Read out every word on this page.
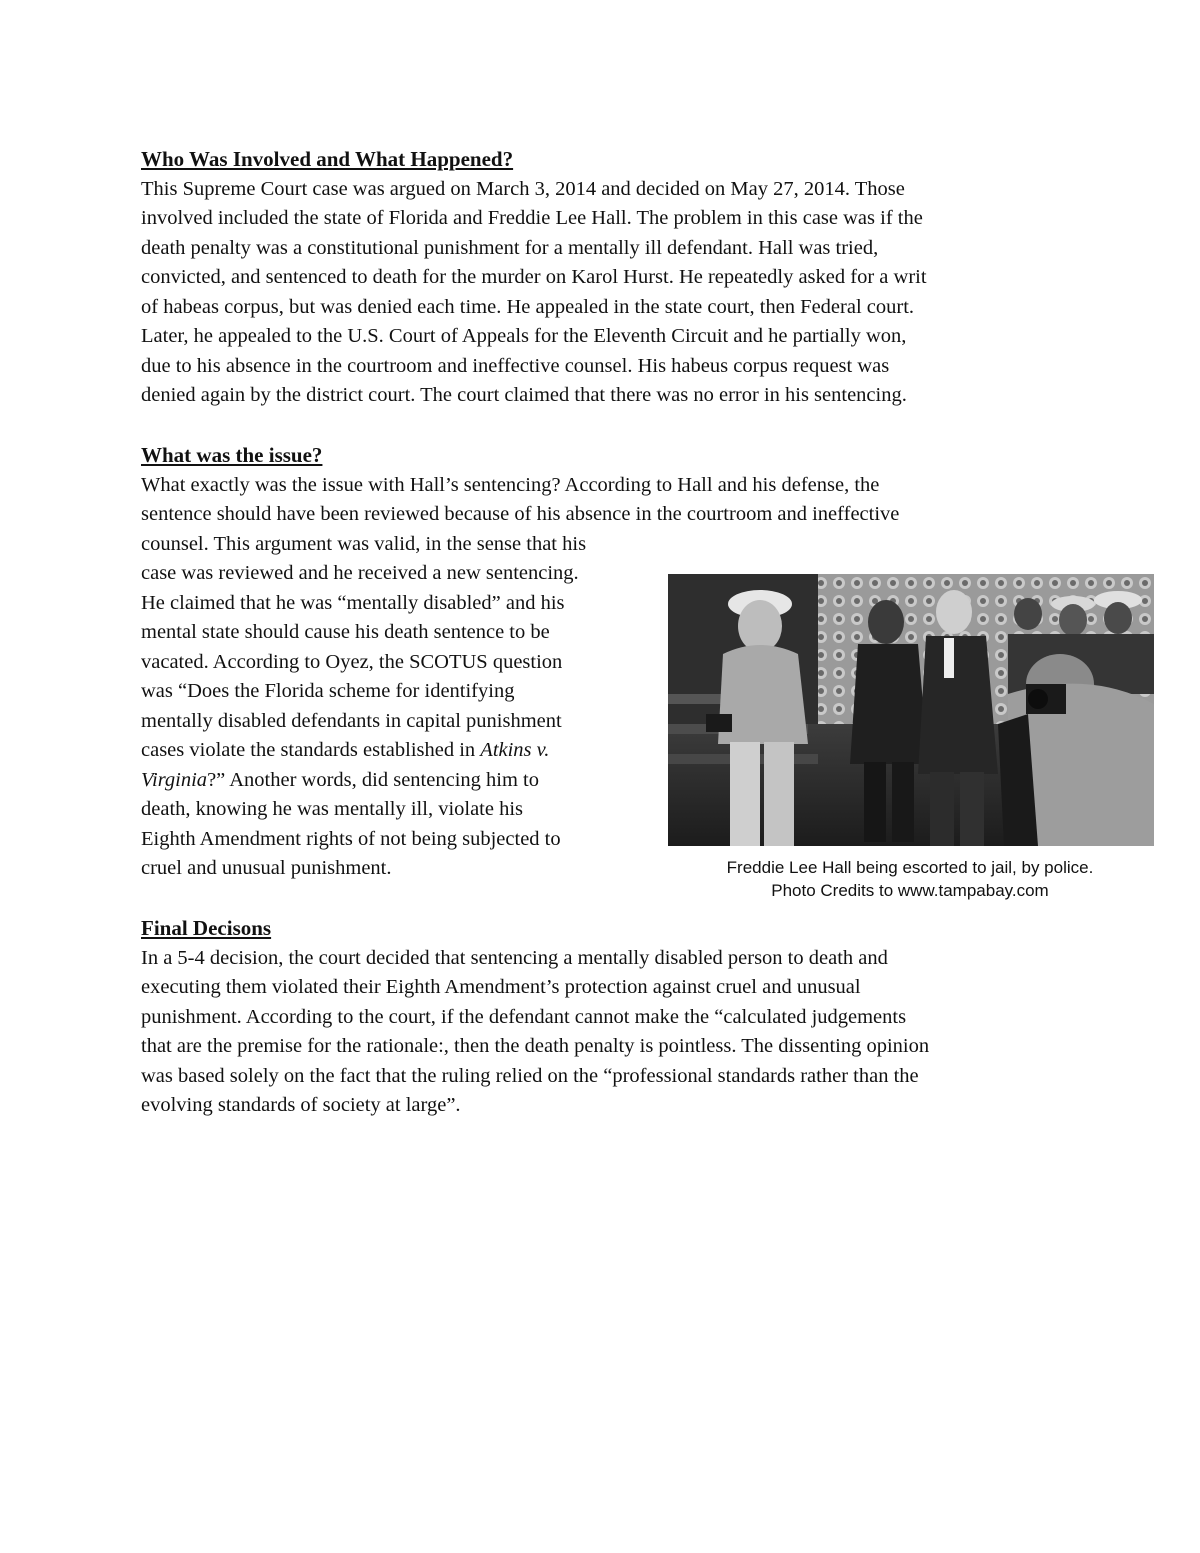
Who Was Involved and What Happened?

This Supreme Court case was argued on March 3, 2014 and decided on May 27, 2014. Those
involved included the state of Florida and Freddie Lee Hall. The problem in this case was if the
death penalty was a constitutional punishment for a mentally ill defendant. Hall was tried,
convicted, and sentenced to death for the murder on Karol Hurst. He repeatedly asked for a writ
of habeas corpus, but was denied each time. He appealed in the state court, then Federal court.
Later, he appealed to the U.S. Court of Appeals for the Eleventh Circuit and he partially won,
due to his absence in the courtroom and ineffective counsel. His habeus corpus request was
denied again by the district court. The court claimed that there was no error in his sentencing.

What was the issue?

What exactly was the issue with Hall’s sentencing? According to Hall and his defense, the
sentence should have been reviewed because of his absence in the courtroom and ineffective
counsel. This argument was valid, in the sense that his
case was reviewed and he received a new sentencing.
He claimed that he was “mentally disabled” and his
mental state should cause his death sentence to be
vacated. According to Oyez, the SCOTUS question
was “Does the Florida scheme for identifying
mentally disabled defendants in capital punishment
cases violate the standards established in Atkins v.
Virginia?” Another words, did sentencing him to
death, knowing he was mentally ill, violate his
Eighth Amendment rights of not being subjected to
cruel and unusual punishment.	Freddie Lee Hall being escorted to jail, by police.
Photo Credits to www.tampabay.com

Final Decisons

In a 5-4 decision, the court decided that sentencing a mentally disabled person to death and
executing them violated their Eighth Amendment’s protection against cruel and unusual
punishment. According to the court, if the defendant cannot make the “calculated judgements
that are the premise for the rationale:, then the death penalty is pointless. The dissenting opinion
was based solely on the fact that the ruling relied on the “professional standards rather than the
evolving standards of society at large”.
